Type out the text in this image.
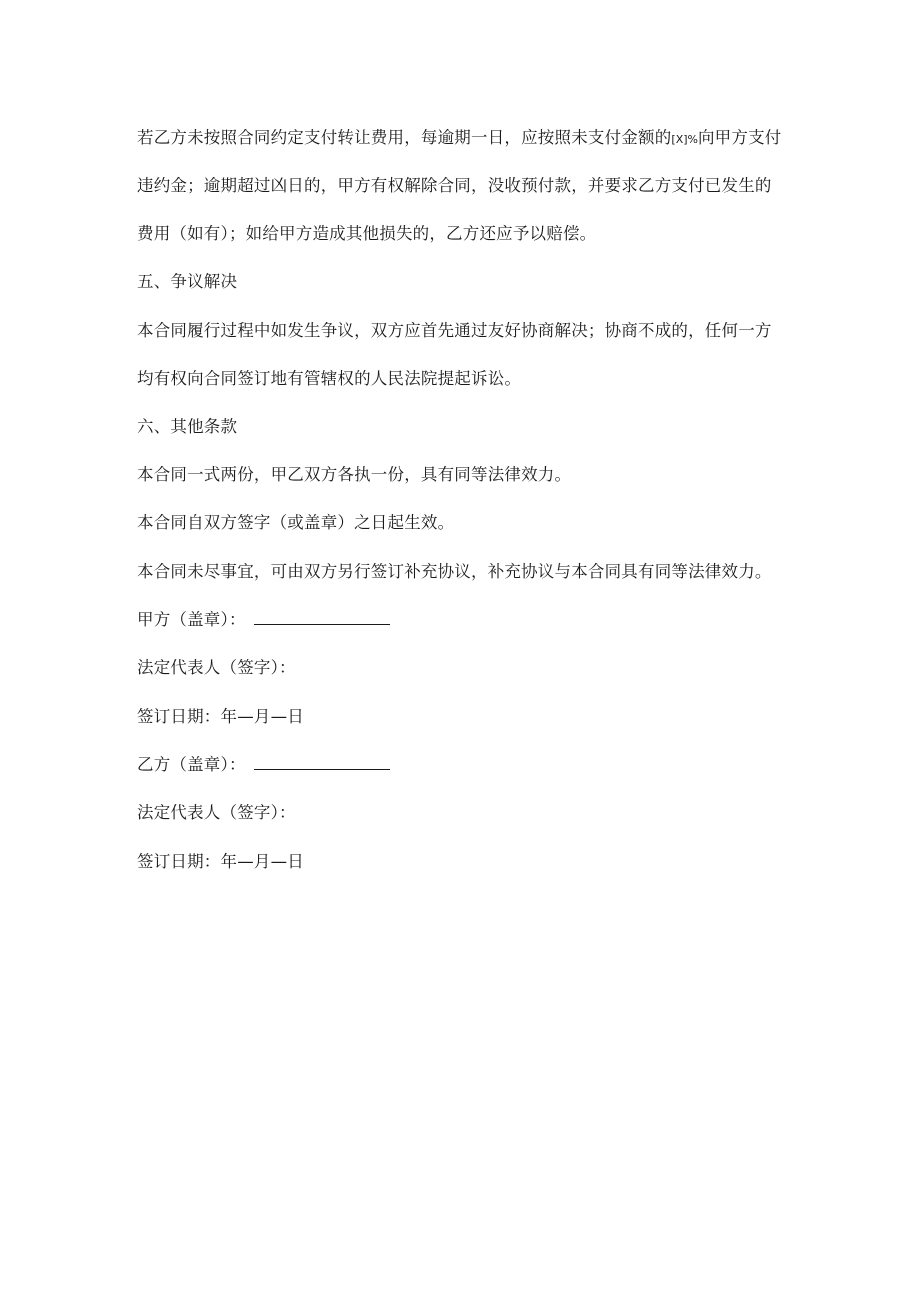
若乙方未按照合同约定支付转让费用，每逾期一日，应按照未支付金额的[X]%向甲方支付
违约金；逾期超过凶日的，甲方有权解除合同，没收预付款，并要求乙方支付已发生的
费用（如有）；如给甲方造成其他损失的，乙方还应予以赔偿。
五、争议解决
本合同履行过程中如发生争议，双方应首先通过友好协商解决；协商不成的，任何一方
均有权向合同签订地有管辖权的人民法院提起诉讼。
六、其他条款
本合同一式两份，甲乙双方各执一份，具有同等法律效力。
本合同自双方签字（或盖章）之日起生效。
本合同未尽事宜，可由双方另行签订补充协议，补充协议与本合同具有同等法律效力。
甲方（盖章）：
法定代表人（签字）：
签订日期：年—月—日
乙方（盖章）：
法定代表人（签字）：
签订日期：年—月—日
